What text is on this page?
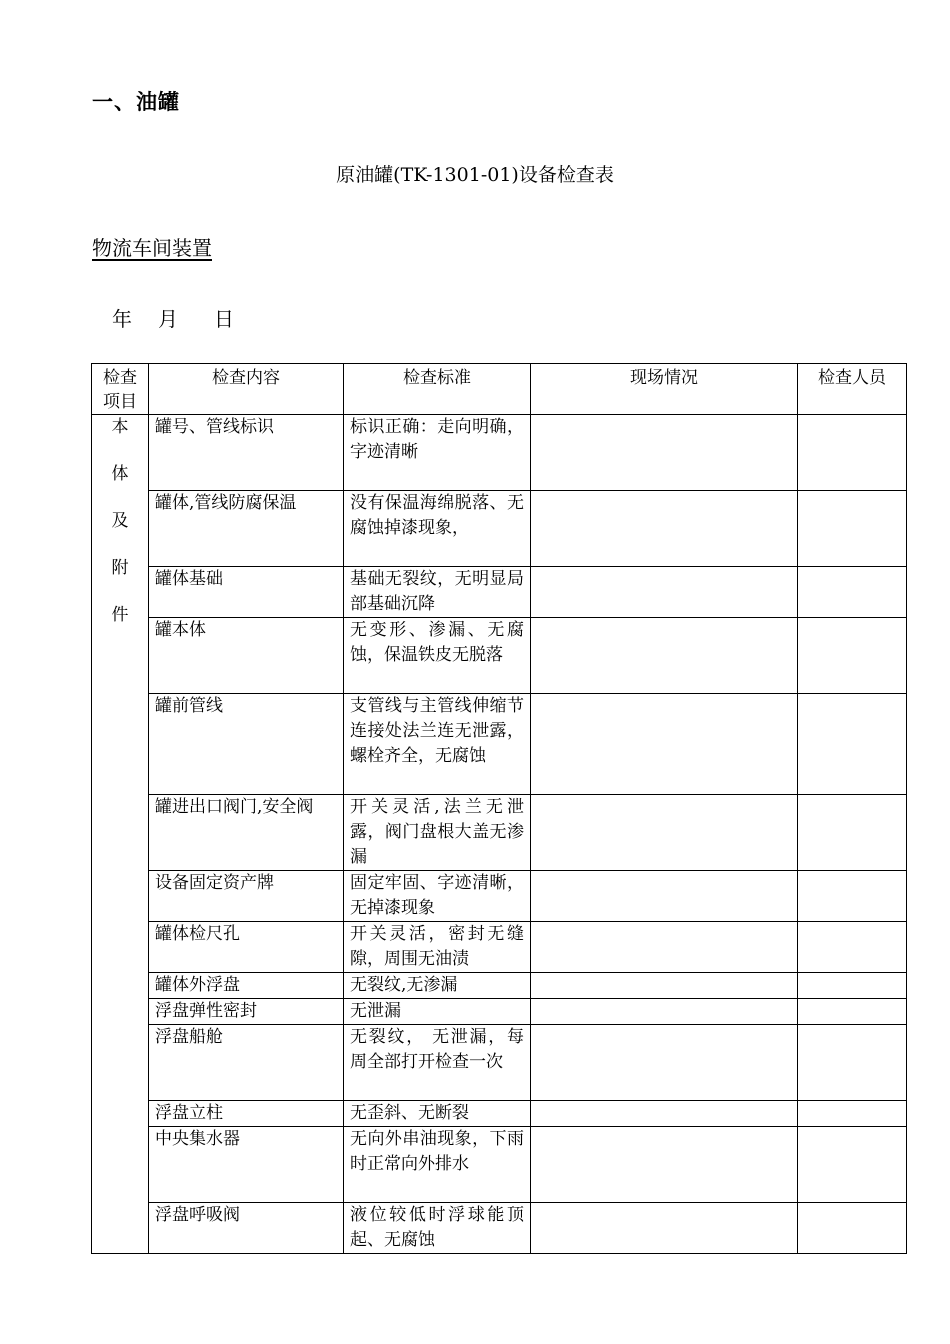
一、油罐
原油罐(TK-1301-01)设备检查表
物流车间装置
年	月	日
检查项目	检查内容	检查标准	现场情况	检查人员

本
体
及
附
件	罐号、管线标识	标识正确：走向明确，字迹清晰		
	罐体,管线防腐保温	没有保温海绵脱落、无腐蚀掉漆现象，		
	罐体基础	基础无裂纹，无明显局部基础沉降		
	罐本体	无变形、渗漏、无腐蚀，保温铁皮无脱落		
	罐前管线	支管线与主管线伸缩节连接处法兰连无泄露，螺栓齐全，无腐蚀		
	罐进出口阀门,安全阀	开关灵活,法兰无泄露，阀门盘根大盖无渗漏		
	设备固定资产牌	固定牢固、字迹清晰，无掉漆现象		
	罐体检尺孔	开关灵活，密封无缝隙，周围无油渍		
	罐体外浮盘	无裂纹,无渗漏		
	浮盘弹性密封	无泄漏		
	浮盘船舱	无裂纹， 无泄漏，每周全部打开检查一次		
	浮盘立柱	无歪斜、无断裂		
	中央集水器	无向外串油现象，下雨时正常向外排水		
	浮盘呼吸阀	液位较低时浮球能顶起、无腐蚀		
